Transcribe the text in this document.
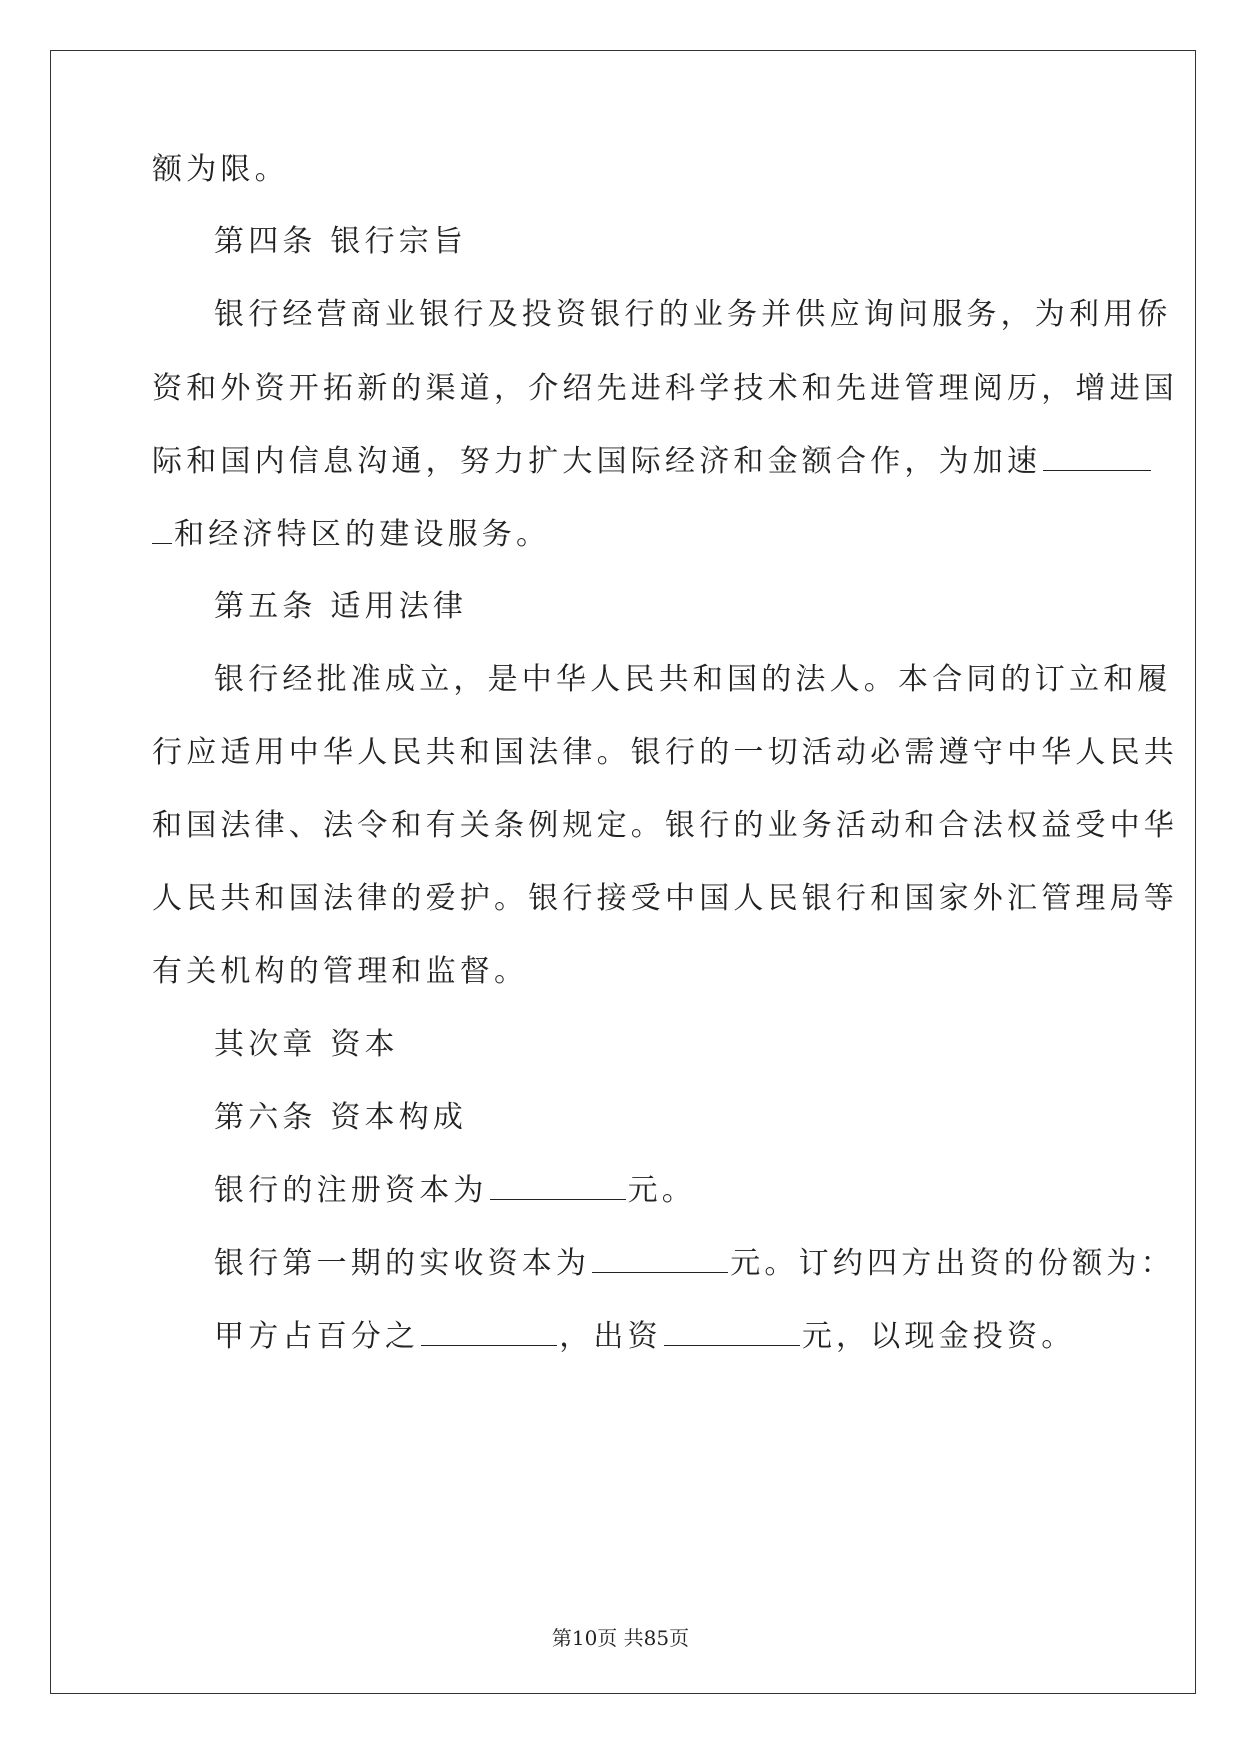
额为限。
第四条 银行宗旨
银行经营商业银行及投资银行的业务并供应询问服务，为利用侨
资和外资开拓新的渠道，介绍先进科学技术和先进管理阅历，增进国
际和国内信息沟通，努力扩大国际经济和金额合作，为加速
和经济特区的建设服务。
第五条 适用法律
银行经批准成立，是中华人民共和国的法人。本合同的订立和履
行应适用中华人民共和国法律。银行的一切活动必需遵守中华人民共
和国法律、法令和有关条例规定。银行的业务活动和合法权益受中华
人民共和国法律的爱护。银行接受中国人民银行和国家外汇管理局等
有关机构的管理和监督。
其次章 资本
第六条 资本构成
银行的注册资本为	元。
银行第一期的实收资本为	元。订约四方出资的份额为：
甲方占百分之	，出资	元，以现金投资。
第10页 共85页
